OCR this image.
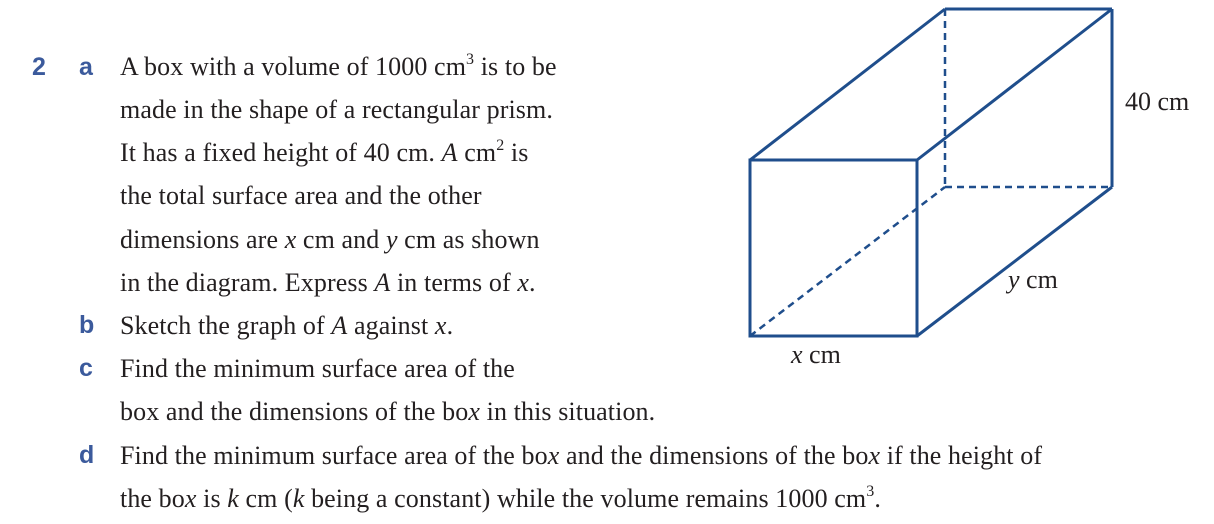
2 a
b
c
d
A box with a volume of 1000 $cm^3$ is to be
made in the shape of a rectangular prism.
It has a fixed height of 40 cm. A $cm^2$ is
the total surface area and the other
dimensions are x cm and y cm as shown
in the diagram. Express A in terms of x.
Sketch the graph of A against x.
Find the minimum surface area of the
box and the dimensions of the box in this situation.
Find the minimum surface area of the box and the dimensions of the box if the height of
the box is k cm (k being a constant) while the volume remains 1000 $cm^3$.
40 cm
y cm
x cm
